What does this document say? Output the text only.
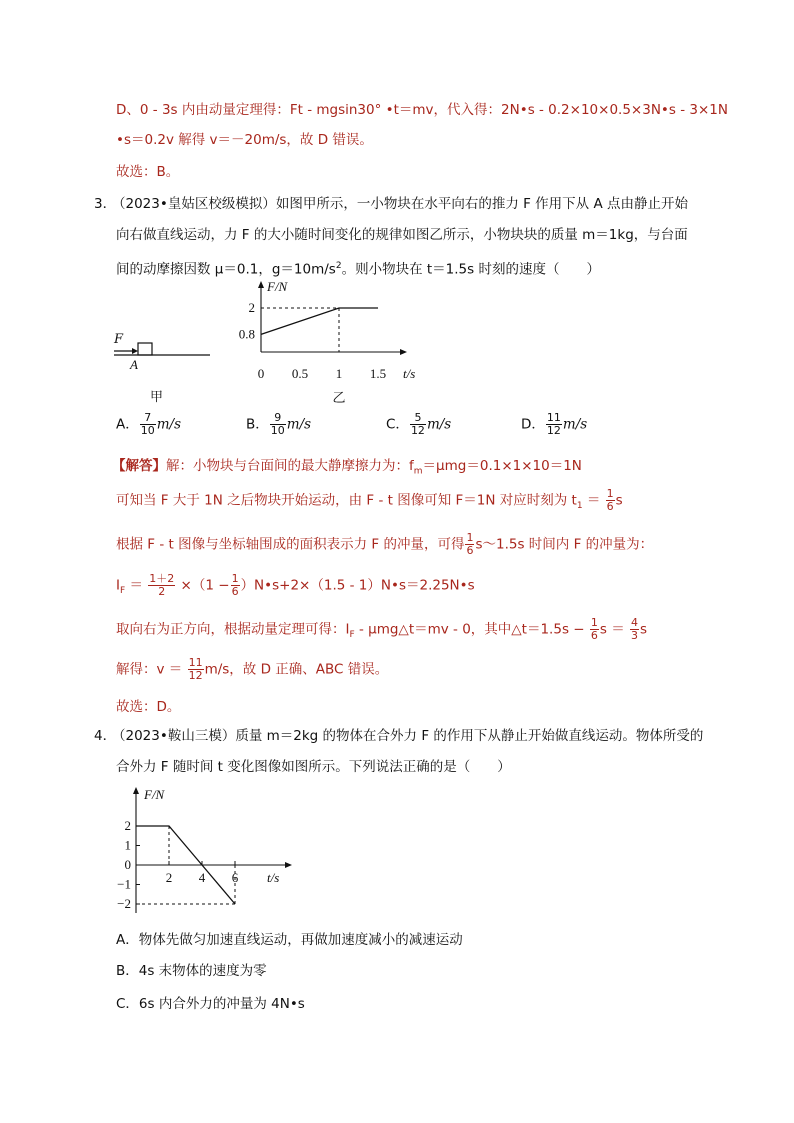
D、0 - 3s 内由动量定理得：Ft - mgsin30° •t＝mv，代入得：2N•s - 0.2×10×0.5×3N•s - 3×1N
•s＝0.2v 解得 v＝－20m/s，故 D 错误。
故选：B。
3．
（2023•皇姑区校级模拟）如图甲所示，一小物块在水平向右的推力 F 作用下从 A 点由静止开始
向右做直线运动，力 F 的大小随时间变化的规律如图乙所示，小物块块的质量 m＝1kg，与台面
间的动摩擦因数 μ＝0.1，$g=10m/s^2$。则小物块在 t＝1.5s 时刻的速度（　　）
F
A
甲
F/N
t/s
0 0.5 1 1.5
0.8
2
乙
A． $\frac{7}{10} m/s$	B． $\frac{9}{10} m/s$	C． $\frac{5}{12} m/s$	D． $\frac{11}{12} m/s$
【解答】解：小物块与台面间的最大静摩擦力为：$f_m=\mu mg=0.1\times 1\times 10=1N$
可知当 F 大于 1N 之后物块开始运动，由 F - t 图像可知 F＝1N 对应时刻为 $t_1 = \frac{1}{6}$ s
根据 F - t 图像与坐标轴围成的面积表示力 F 的冲量，可得 $\frac{1}{6}$ s～1.5s 时间内 F 的冲量为：
$I_F = \frac{1+2}{2} \times(1 - \frac{1}{6}$ ）N•s+2×（1.5 - 1）N•s＝2.25N•s
取向右为正方向，根据动量定理可得：$I_F$ - μmg△t＝mv - 0，其中△t＝1.5s − $\frac{1}{6}$ $s = \frac{4}{3}$ s
解得：$v = \frac{11}{12} m/s$，故 D 正确、ABC 错误。
故选：D。
4．
（2023•鞍山三模）质量 m＝2kg 的物体在合外力 F 的作用下从静止开始做直线运动。物体所受的
合外力 F 随时间 t 变化图像如图所示。下列说法正确的是（　　）
F/N
t/s
2
1
0
−1
−2
2 4 6
A．物体先做匀加速直线运动，再做加速度减小的减速运动
B．4s 末物体的速度为零
C．6s 内合外力的冲量为 4N•s
